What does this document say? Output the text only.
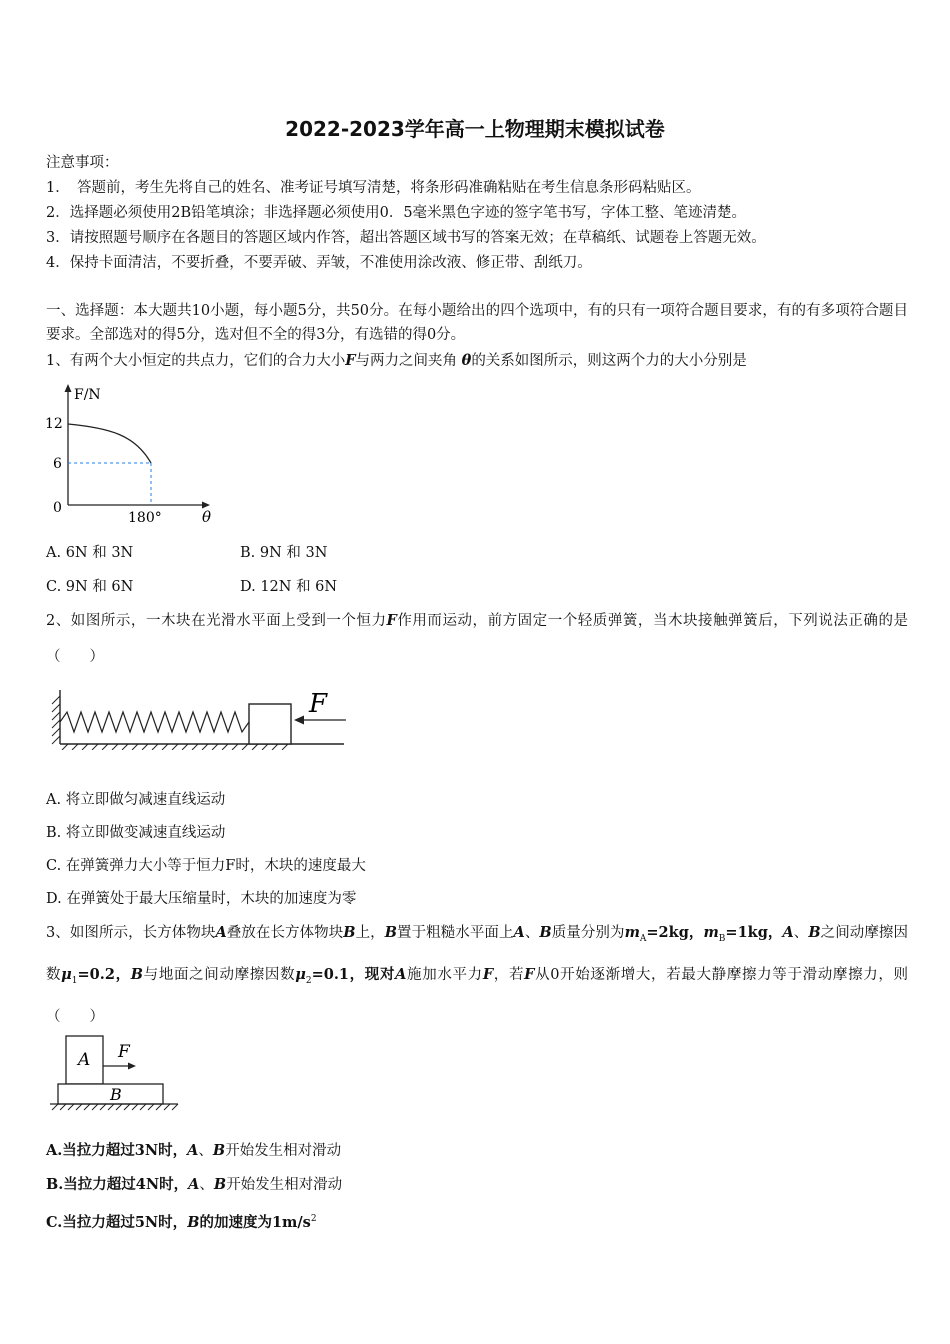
2022-2023学年高一上物理期末模拟试卷
注意事项：
1．　答题前，考生先将自己的姓名、准考证号填写清楚，将条形码准确粘贴在考生信息条形码粘贴区。
2．选择题必须使用2B铅笔填涂；非选择题必须使用0．5毫米黑色字迹的签字笔书写，字体工整、笔迹清楚。
3．请按照题号顺序在各题目的答题区域内作答，超出答题区域书写的答案无效；在草稿纸、试题卷上答题无效。
4．保持卡面清洁，不要折叠，不要弄破、弄皱，不准使用涂改液、修正带、刮纸刀。
一、选择题：本大题共10小题，每小题5分，共50分。在每小题给出的四个选项中，有的只有一项符合题目要求，有的有多项符合题目要求。全部选对的得5分，选对但不全的得3分，有选错的得0分。
1、有两个大小恒定的共点力，它们的合力大小F与两力之间夹角 θ的关系如图所示，则这两个力的大小分别是
F/N
12
6
0
180°	θ
A. 6N 和 3N	B. 9N 和 3N
C. 9N 和 6N	D. 12N 和 6N
2、如图所示，一木块在光滑水平面上受到一个恒力F作用而运动，前方固定一个轻质弹簧，当木块接触弹簧后，下列说法正确的是（　　）
F
A. 将立即做匀减速直线运动
B. 将立即做变减速直线运动
C. 在弹簧弹力大小等于恒力F时，木块的速度最大
D. 在弹簧处于最大压缩量时，木块的加速度为零
3、如图所示，长方体物块A叠放在长方体物块B上，B置于粗糙水平面上A、B质量分别为$m_A=2kg$，$m_B=1kg$，A、B之间动摩擦因数$\mu_1=0.2$，B与地面之间动摩擦因数$\mu_2=0.1$，现对A施加水平力F，若F从0开始逐渐增大，若最大静摩擦力等于滑动摩擦力，则（　　）
A
B
F
A.当拉力超过3N时，A、B开始发生相对滑动
B.当拉力超过4N时，A、B开始发生相对滑动
C.当拉力超过5N时，B的加速度为$1m/s^2$
